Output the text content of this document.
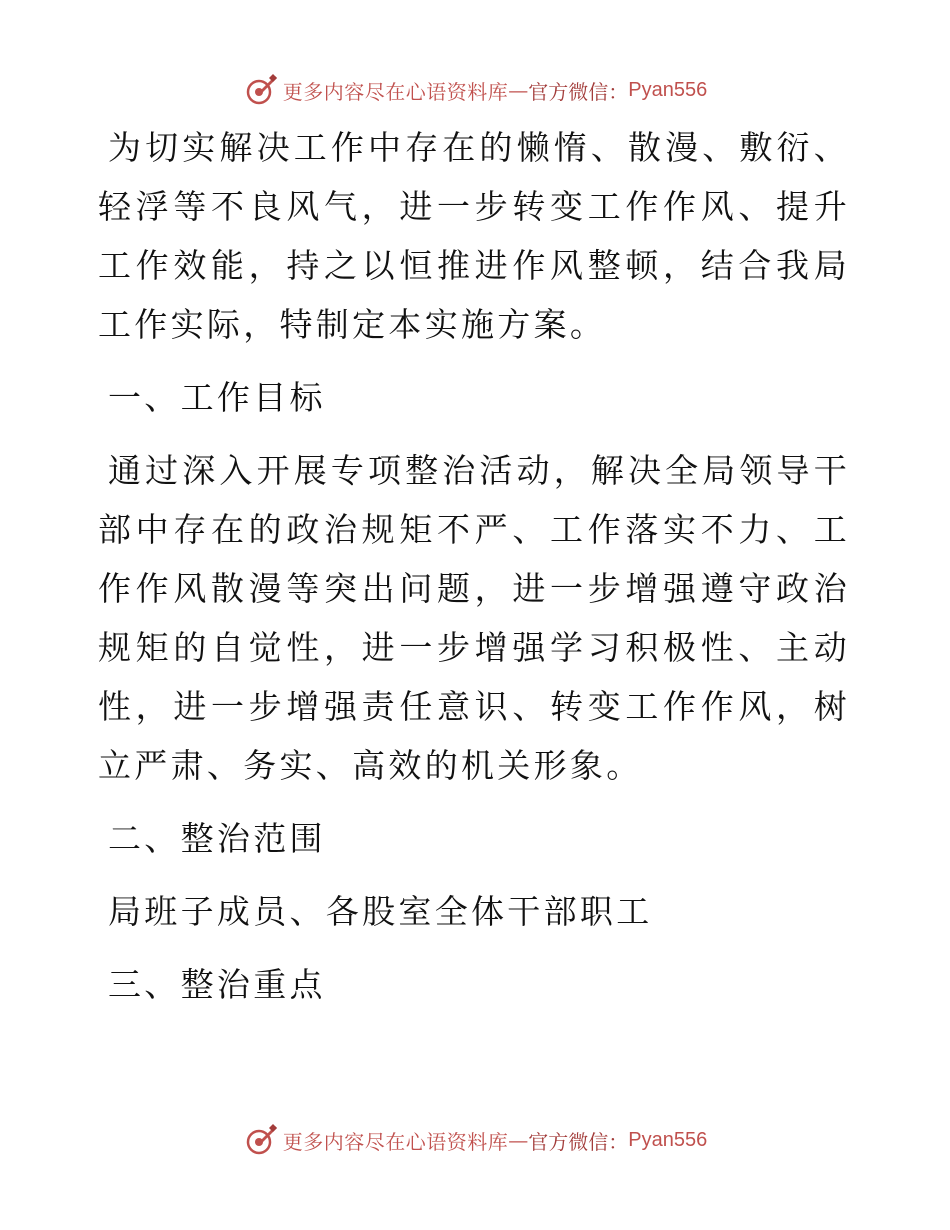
更多内容尽在心语资料库 — 官方微信： Pyan556

为切实解决工作中存在的懒惰、散漫、敷衍、轻浮等不良风气，进一步转变工作作风、提升工作效能，持之以恒推进作风整顿，结合我局工作实际，特制定本实施方案。

一、工作目标

通过深入开展专项整治活动，解决全局领导干部中存在的政治规矩不严、工作落实不力、工作作风散漫等突出问题，进一步增强遵守政治规矩的自觉性，进一步增强学习积极性、主动性，进一步增强责任意识、转变工作作风，树立严肃、务实、高效的机关形象。

二、整治范围

局班子成员、各股室全体干部职工

三、整治重点

更多内容尽在心语资料库 — 官方微信： Pyan556
